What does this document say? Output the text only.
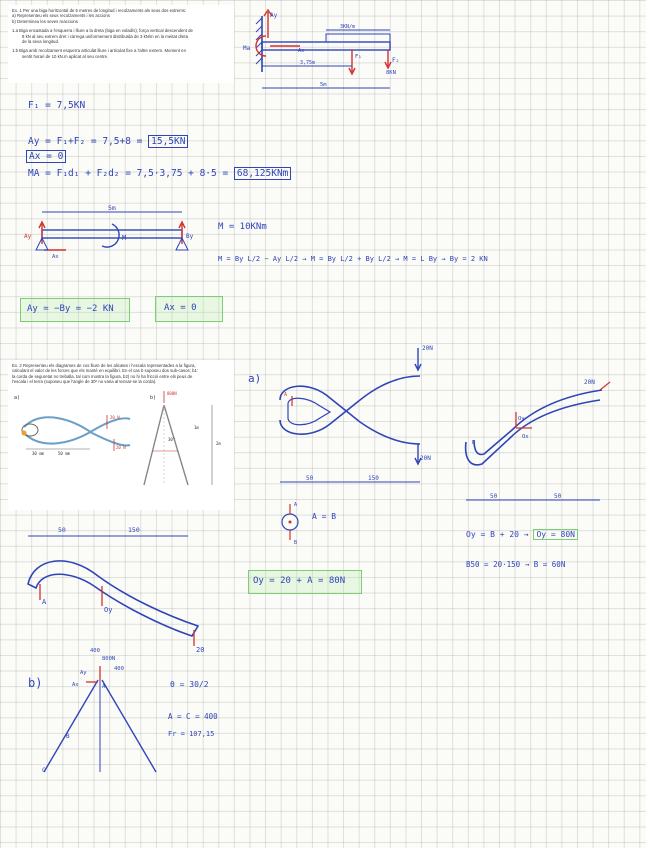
Ex. 1 Per una biga horitzontal de 5 metres de longitud i recolzaments als seus dos extrems:
a) Representeu els seus recolzaments i les accions
b) Determineu les seves reaccions
1.a Biga encastada a l'esquerra i lliure a la dreta (biga en voladís), força vertical descendent de
8 kN al seu extrem dret i càrrega uniformement distribuïda de 3 kN/m en la meitat dreta
de la seva longitud.
1.b Biga amb recolzament esquerra articulat lliure i articulat fixe a l'altre extrem. Moment en
sentit horari de 10 kN.m aplicat al seu centre.
Ay
Ma	Ax
3KN/m
F₁	F₂
8KN
3,75m
5m
F₁ = 7,5KN
Ay = F₁+F₂ = 7,5+8 = 15,5KN
Ax = 0
MA = F₁d₁ + F₂d₂ = 7,5·3,75 + 8·5 = 68,125KNm
5m
Ay
Ax
By
M
M = 10KNm
M = By L/2 − Ay L/2 → M = By L/2 + By L/2 → M = L By → By = 2 KN
Ay = −By = −2 KN	Ax = 0
Ex. 2 Representeu els diagrames de cos lliure de les alicates i l'escala representades a la figura,
calculant el valor de les forces que els mantè en equilibri. En el cas b suposeu dos sub-casos; b1:
la corda de seguretat no treballa, tal com mostra la figura, b2) no hi ha fricció entre els peus de
l'escala i el terra (suposeu que l'angle de 30º no varia al tensar-se la corda).
a)
20 N
20 N
30 mm	50 mm
b)
800N
30°
1m
2m
a)
20N
20N
A
50	150
A
B
20N
Oy
Ox
B
50	50
A = B
Oy = B + 20 → Oy = 80N
B50 = 20·150 → B = 60N
50	150
A
Oy
20
Oy = 20 + A = 80N
b)
400
800N
400
Ay
Ax	A
B
C
θ = 30/2
A = C = 400
Fr = 107,15
